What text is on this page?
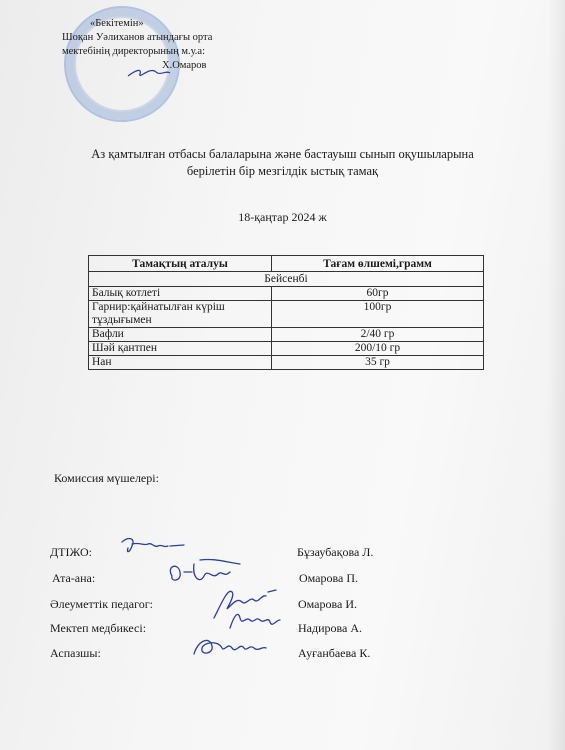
«Бекітемін»
Шоқан Уәлиханов атындағы орта
мектебінің директорының м.у.а:
Х.Омаров
Аз қамтылған отбасы балаларына және бастауыш сынып оқушыларына
берілетін бір мезгілдік ыстық тамақ
18-қаңтар 2024 ж
Тамақтың аталуы	Тағам өлшемі,грамм
Бейсенбі	
Балық котлеті	60гр
Гарнир:қайнатылған күріш тұздығымен	100гр
Вафли	2/40 гр
Шәй қантпен	200/10 гр
Нан	35 гр
Комиссия мүшелері:
ДТІЖО:	Бұзаубақова Л.
Ата-ана:	Омарова П.
Әлеуметтік педагог:	Омарова И.
Мектеп медбикесі:	Надирова А.
Аспазшы:	Ауғанбаева К.
